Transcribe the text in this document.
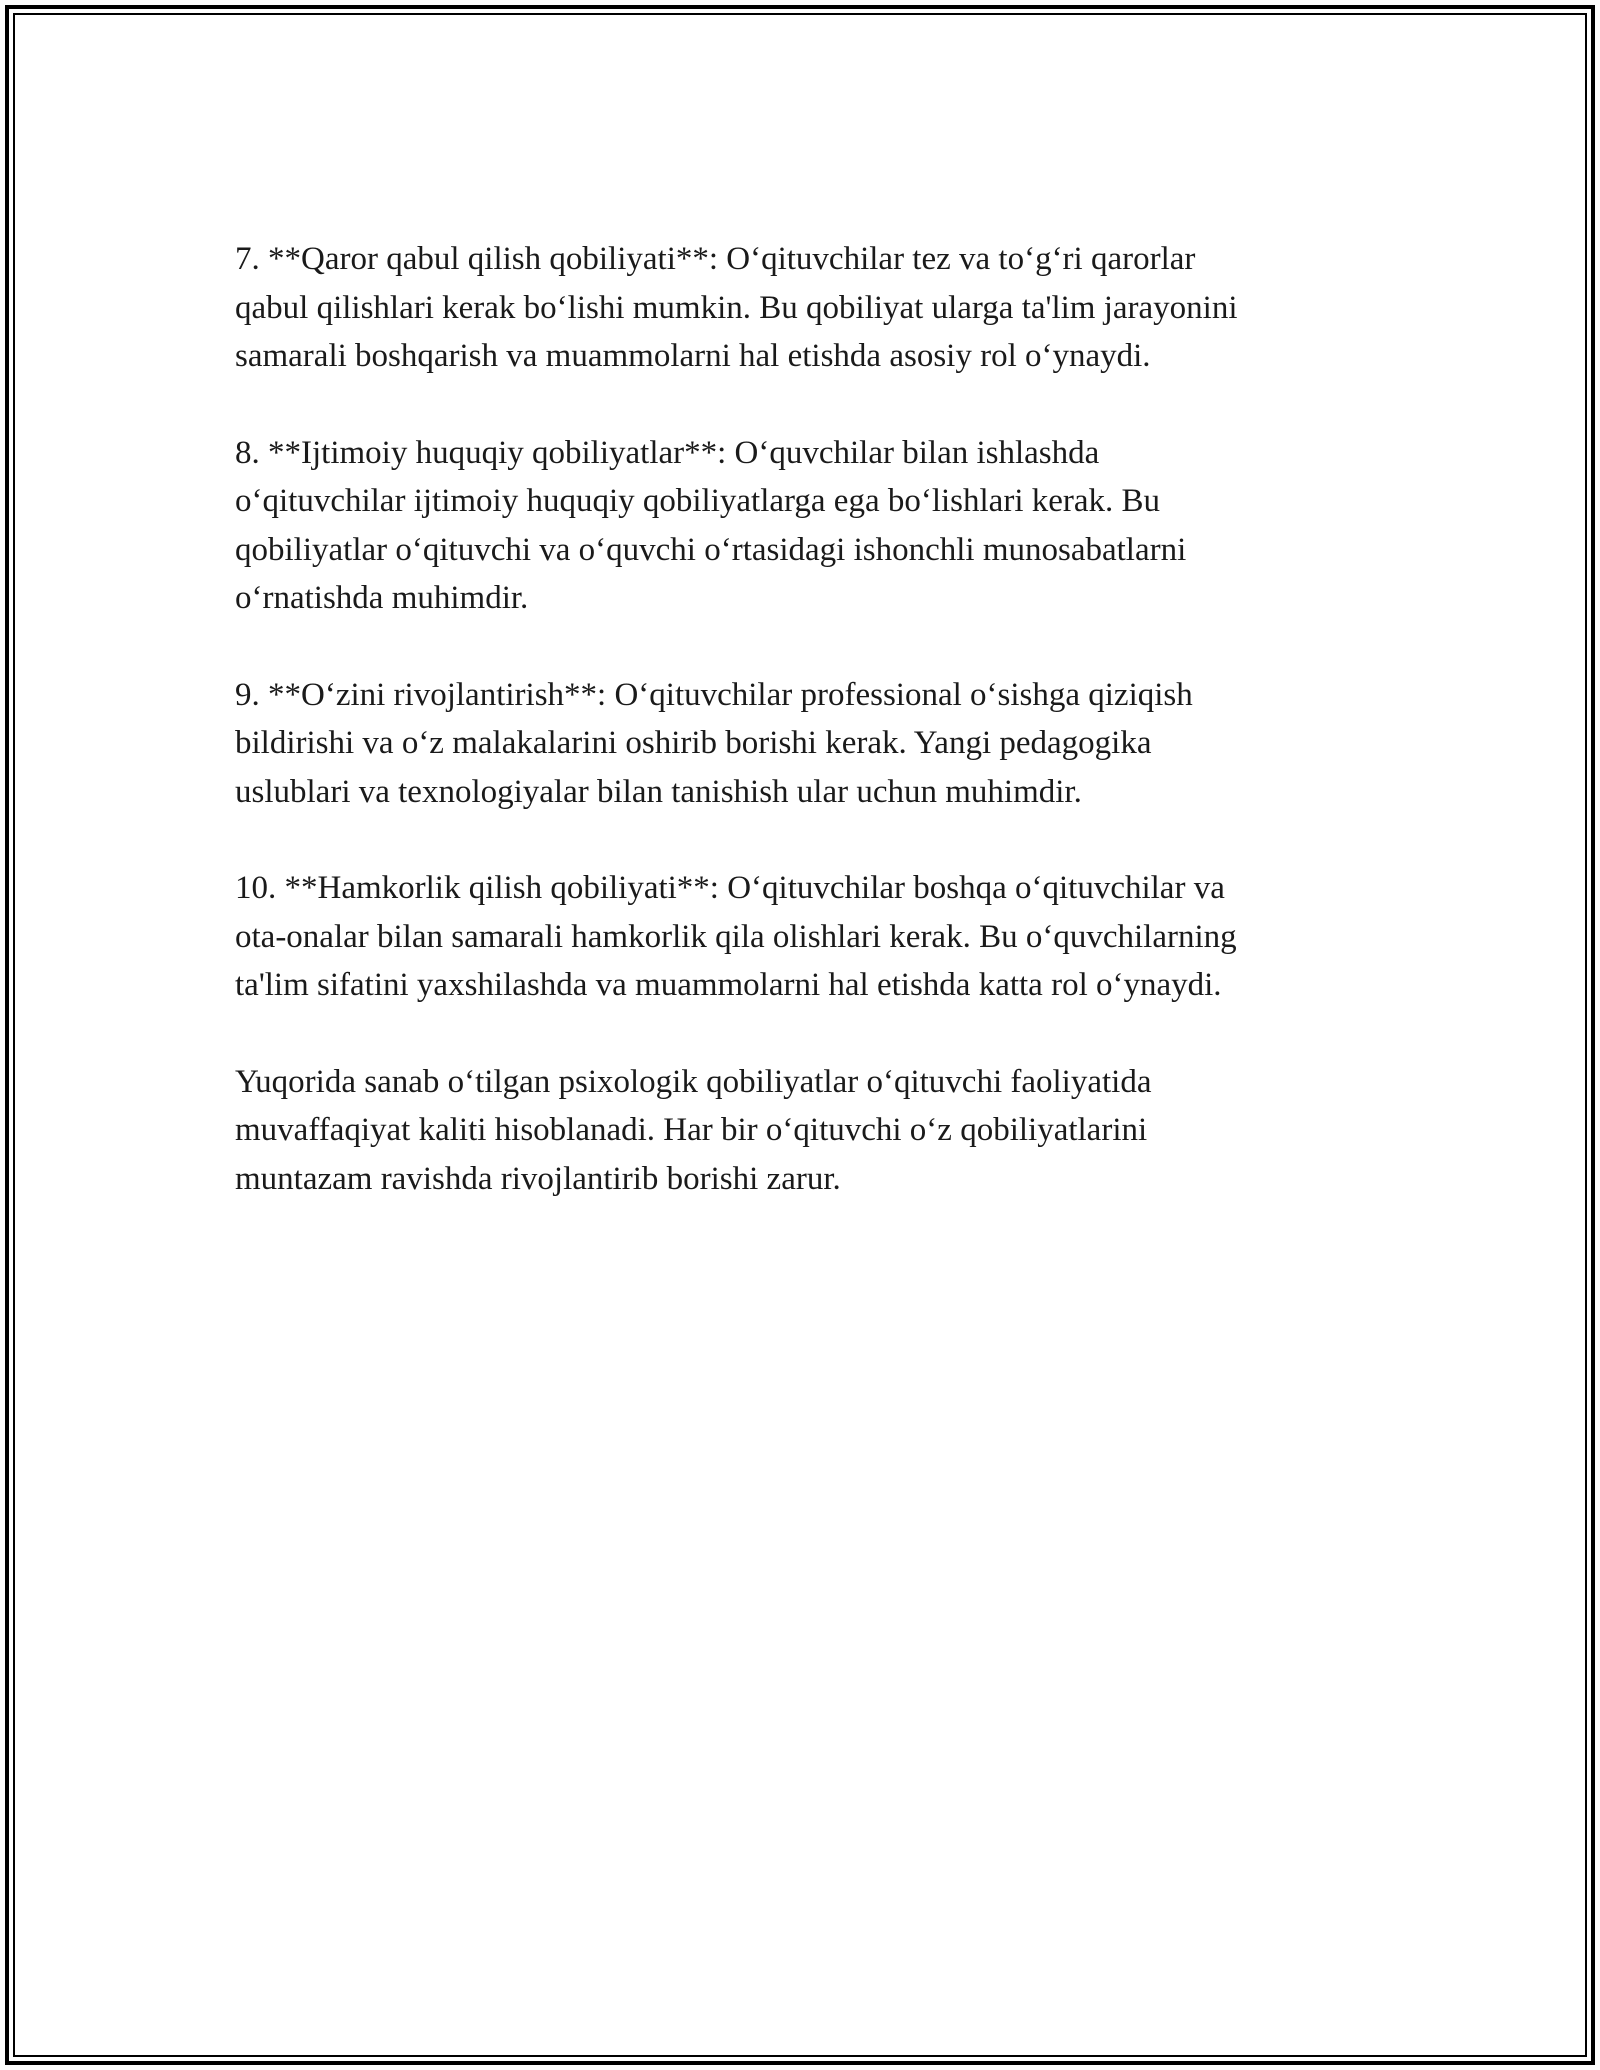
7. **Qaror qabul qilish qobiliyati**: O‘qituvchilar tez va to‘g‘ri qarorlar
qabul qilishlari kerak bo‘lishi mumkin. Bu qobiliyat ularga ta'lim jarayonini
samarali boshqarish va muammolarni hal etishda asosiy rol o‘ynaydi.

8. **Ijtimoiy huquqiy qobiliyatlar**: O‘quvchilar bilan ishlashda
o‘qituvchilar ijtimoiy huquqiy qobiliyatlarga ega bo‘lishlari kerak. Bu
qobiliyatlar o‘qituvchi va o‘quvchi o‘rtasidagi ishonchli munosabatlarni
o‘rnatishda muhimdir.

9. **O‘zini rivojlantirish**: O‘qituvchilar professional o‘sishga qiziqish
bildirishi va o‘z malakalarini oshirib borishi kerak. Yangi pedagogika
uslublari va texnologiyalar bilan tanishish ular uchun muhimdir.

10. **Hamkorlik qilish qobiliyati**: O‘qituvchilar boshqa o‘qituvchilar va
ota-onalar bilan samarali hamkorlik qila olishlari kerak. Bu o‘quvchilarning
ta'lim sifatini yaxshilashda va muammolarni hal etishda katta rol o‘ynaydi.

Yuqorida sanab o‘tilgan psixologik qobiliyatlar o‘qituvchi faoliyatida
muvaffaqiyat kaliti hisoblanadi. Har bir o‘qituvchi o‘z qobiliyatlarini
muntazam ravishda rivojlantirib borishi zarur.
